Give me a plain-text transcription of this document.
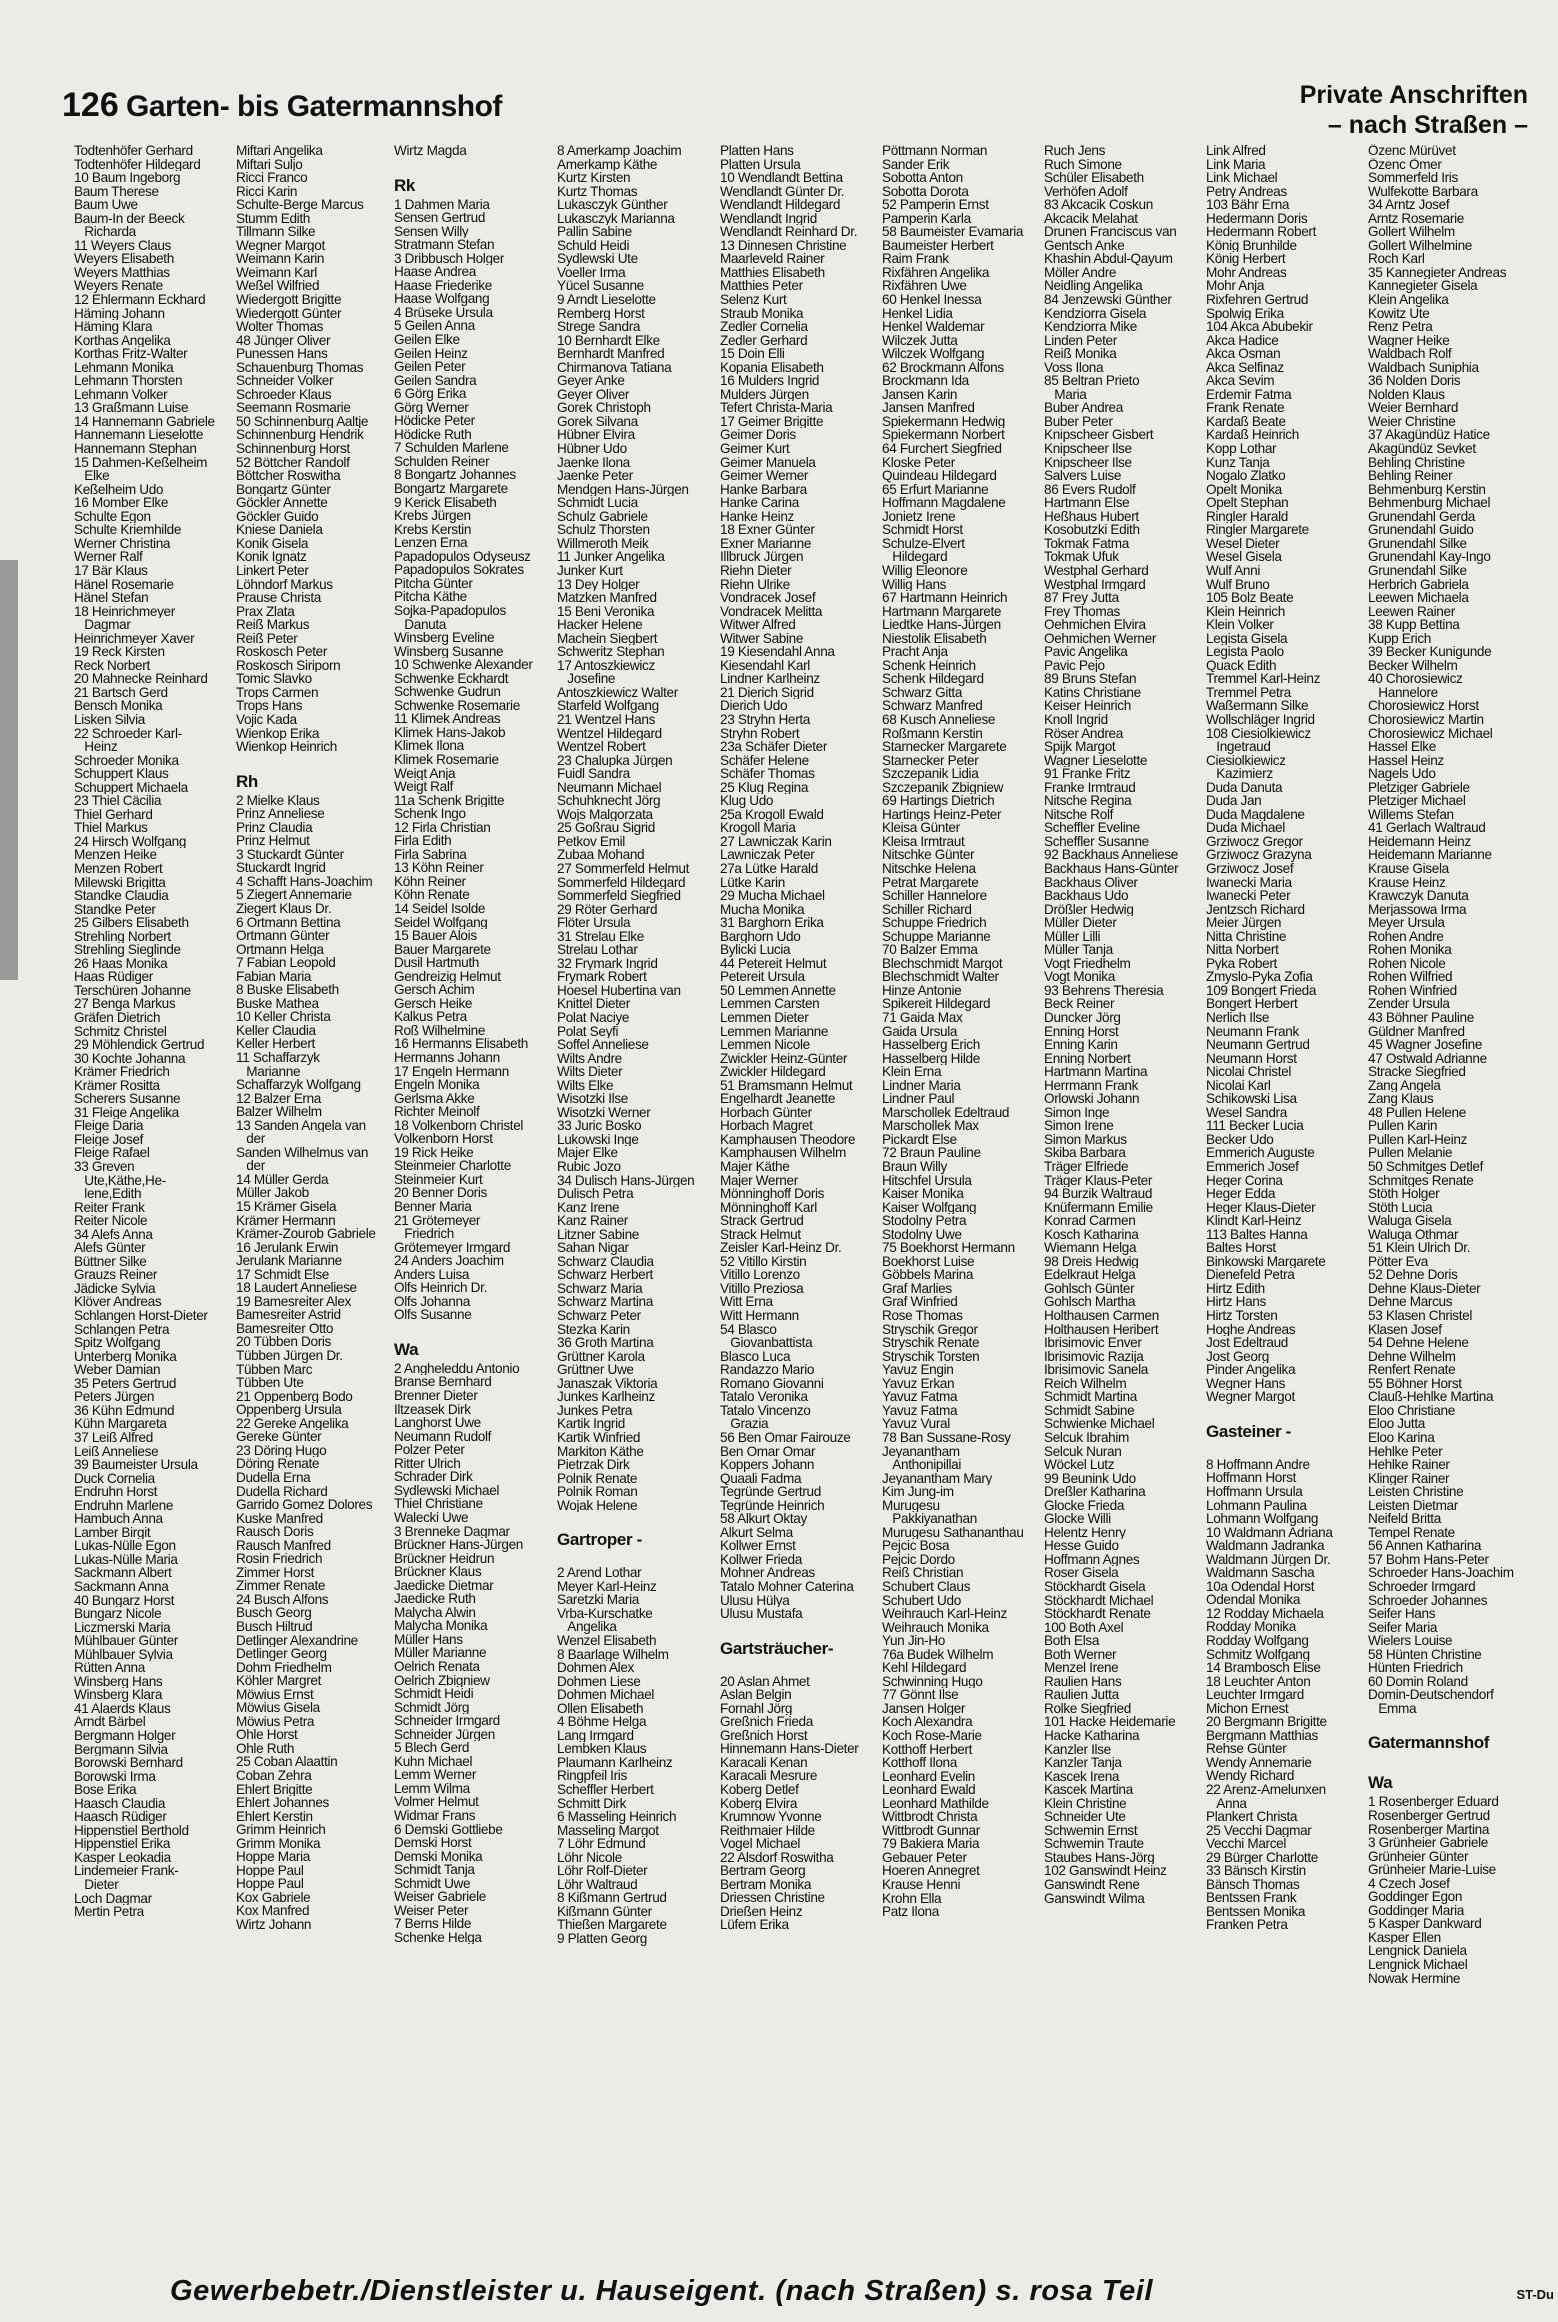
126 Garten- bis Gatermannshof	Private Anschriften
– nach Straßen –
Todtenhöfer Gerhard
Todtenhöfer Hildegard
10 Baum Ingeborg
Baum Therese
Baum Uwe
Baum-In der Beeck
Richarda
11 Weyers Claus
Weyers Elisabeth
Weyers Matthias
Weyers Renate
12 Ehlermann Eckhard
Häming Johann
Häming Klara
Korthas Angelika
Korthas Fritz-Walter
Lehmann Monika
Lehmann Thorsten
Lehmann Volker
13 Graßmann Luise
14 Hannemann Gabriele
Hannemann Lieselotte
Hannemann Stephan
15 Dahmen-Keßelheim
Elke
Keßelheim Udo
16 Momber Elke
Schulte Egon
Schulte Kriemhilde
Werner Christina
Werner Ralf
17 Bär Klaus
Hänel Rosemarie
Hänel Stefan
18 Heinrichmeyer
Dagmar
Heinrichmeyer Xaver
19 Reck Kirsten
Reck Norbert
20 Mahnecke Reinhard
21 Bartsch Gerd
Bensch Monika
Lisken Silvia
22 Schroeder Karl-
Heinz
Schroeder Monika
Schuppert Klaus
Schuppert Michaela
23 Thiel Cäcilia
Thiel Gerhard
Thiel Markus
24 Hirsch Wolfgang
Menzen Heike
Menzen Robert
Milewski Brigitta
Standke Claudia
Standke Peter
25 Gilbers Elisabeth
Strehling Norbert
Strehling Sieglinde
26 Haas Monika
Haas Rüdiger
Terschüren Johanne
27 Benga Markus
Gräfen Dietrich
Schmitz Christel
29 Möhlendick Gertrud
30 Kochte Johanna
Krämer Friedrich
Krämer Rositta
Scherers Susanne
31 Fleige Angelika
Fleige Daria
Fleige Josef
Fleige Rafael
33 Greven
Ute,Käthe,He-
lene,Edith
Reiter Frank
Reiter Nicole
34 Alefs Anna
Alefs Günter
Büttner Silke
Grauzs Reiner
Jädicke Sylvia
Klöver Andreas
Schlangen Horst-Dieter
Schlangen Petra
Spitz Wolfgang
Unterberg Monika
Weber Damian
35 Peters Gertrud
Peters Jürgen
36 Kühn Edmund
Kühn Margareta
37 Leiß Alfred
Leiß Anneliese
39 Baumeister Ursula
Duck Cornelia
Endruhn Horst
Endruhn Marlene
Hambuch Anna
Lamber Birgit
Lukas-Nülle Egon
Lukas-Nülle Maria
Sackmann Albert
Sackmann Anna
40 Bungarz Horst
Bungarz Nicole
Liczmerski Maria
Mühlbauer Günter
Mühlbauer Sylvia
Rütten Anna
Winsberg Hans
Winsberg Klara
41 Alaerds Klaus
Arndt Bärbel
Bergmann Holger
Bergmann Silvia
Borowski Bernhard
Borowski Irma
Bose Erika
Haasch Claudia
Haasch Rüdiger
Hippenstiel Berthold
Hippenstiel Erika
Kasper Leokadia
Lindemeier Frank-
Dieter
Loch Dagmar
Mertin Petra
Miftari Angelika
Miftari Suljo
Ricci Franco
Ricci Karin
Schulte-Berge Marcus
Stumm Edith
Tillmann Silke
Wegner Margot
Weimann Karin
Weimann Karl
Weßel Wilfried
Wiedergott Brigitte
Wiedergott Günter
Wolter Thomas
48 Jünger Oliver
Punessen Hans
Schauenburg Thomas
Schneider Volker
Schroeder Klaus
Seemann Rosmarie
50 Schinnenburg Aaltje
Schinnenburg Hendrik
Schinnenburg Horst
52 Böttcher Randolf
Böttcher Roswitha
Bongartz Günter
Göckler Annette
Göckler Guido
Kniese Daniela
Konik Gisela
Konik Ignatz
Linkert Peter
Löhndorf Markus
Prause Christa
Prax Zlata
Reiß Markus
Reiß Peter
Roskosch Peter
Roskosch Siriporn
Tomic Slavko
Trops Carmen
Trops Hans
Vojic Kada
Wienkop Erika
Wienkop Heinrich
Rh
2 Mielke Klaus
Prinz Anneliese
Prinz Claudia
Prinz Helmut
3 Stuckardt Günter
Stuckardt Ingrid
4 Schafft Hans-Joachim
5 Ziegert Annemarie
Ziegert Klaus Dr.
6 Ortmann Bettina
Ortmann Günter
Ortmann Helga
7 Fabian Leopold
Fabian Maria
8 Buske Elisabeth
Buske Mathea
10 Keller Christa
Keller Claudia
Keller Herbert
11 Schaffarzyk
Marianne
Schaffarzyk Wolfgang
12 Balzer Erna
Balzer Wilhelm
13 Sanden Angela van
der
Sanden Wilhelmus van
der
14 Müller Gerda
Müller Jakob
15 Krämer Gisela
Krämer Hermann
Krämer-Zourob Gabriele
16 Jerulank Erwin
Jerulank Marianne
17 Schmidt Else
18 Laudert Anneliese
19 Bamesreiter Alex
Bamesreiter Astrid
Bamesreiter Otto
20 Tübben Doris
Tübben Jürgen Dr.
Tübben Marc
Tübben Ute
21 Oppenberg Bodo
Oppenberg Ursula
22 Gereke Angelika
Gereke Günter
23 Döring Hugo
Döring Renate
Dudella Erna
Dudella Richard
Garrido Gomez Dolores
Kuske Manfred
Rausch Doris
Rausch Manfred
Rosin Friedrich
Zimmer Horst
Zimmer Renate
24 Busch Alfons
Busch Georg
Busch Hiltrud
Detlinger Alexandrine
Detlinger Georg
Dohm Friedhelm
Köhler Margret
Möwius Ernst
Möwius Gisela
Möwius Petra
Ohle Horst
Ohle Ruth
25 Coban Alaattin
Coban Zehra
Ehlert Brigitte
Ehlert Johannes
Ehlert Kerstin
Grimm Heinrich
Grimm Monika
Hoppe Maria
Hoppe Paul
Hoppe Paul
Kox Gabriele
Kox Manfred
Wirtz Johann
Wirtz Magda
Rk
1 Dahmen Maria
Sensen Gertrud
Sensen Willy
Stratmann Stefan
3 Dribbusch Holger
Haase Andrea
Haase Friederike
Haase Wolfgang
4 Brüseke Ursula
5 Geilen Anna
Geilen Elke
Geilen Heinz
Geilen Peter
Geilen Sandra
6 Görg Erika
Görg Werner
Hödicke Peter
Hödicke Ruth
7 Schulden Marlene
Schulden Reiner
8 Bongartz Johannes
Bongartz Margarete
9 Kerick Elisabeth
Krebs Jürgen
Krebs Kerstin
Lenzen Erna
Papadopulos Odyseusz
Papadopulos Sokrates
Pitcha Günter
Pitcha Käthe
Sojka-Papadopulos
Danuta
Winsberg Eveline
Winsberg Susanne
10 Schwenke Alexander
Schwenke Eckhardt
Schwenke Gudrun
Schwenke Rosemarie
11 Klimek Andreas
Klimek Hans-Jakob
Klimek Ilona
Klimek Rosemarie
Weigt Anja
Weigt Ralf
11a Schenk Brigitte
Schenk Ingo
12 Firla Christian
Firla Edith
Firla Sabrina
13 Köhn Reiner
Köhn Reiner
Köhn Renate
14 Seidel Isolde
Seidel Wolfgang
15 Bauer Alois
Bauer Margarete
Dusil Hartmuth
Gendreizig Helmut
Gersch Achim
Gersch Heike
Kalkus Petra
Roß Wilhelmine
16 Hermanns Elisabeth
Hermanns Johann
17 Engeln Hermann
Engeln Monika
Gerlsma Akke
Richter Meinolf
18 Volkenborn Christel
Volkenborn Horst
19 Rick Heike
Steinmeier Charlotte
Steinmeier Kurt
20 Benner Doris
Benner Maria
21 Grötemeyer
Friedrich
Grötemeyer Irmgard
24 Anders Joachim
Anders Luisa
Olfs Heinrich Dr.
Olfs Johanna
Olfs Susanne
Wa
2 Angheleddu Antonio
Branse Bernhard
Brenner Dieter
Iltzeasek Dirk
Langhorst Uwe
Neumann Rudolf
Polzer Peter
Ritter Ulrich
Schrader Dirk
Sydlewski Michael
Thiel Christiane
Walecki Uwe
3 Brenneke Dagmar
Brückner Hans-Jürgen
Brückner Heidrun
Brückner Klaus
Jaedicke Dietmar
Jaedicke Ruth
Malycha Alwin
Malycha Monika
Müller Hans
Müller Marianne
Oelrich Renata
Oelrich Zbigniew
Schmidt Heidi
Schmidt Jörg
Schneider Irmgard
Schneider Jürgen
5 Blech Gerd
Kuhn Michael
Lemm Werner
Lemm Wilma
Volmer Helmut
Widmar Frans
6 Demski Gottliebe
Demski Horst
Demski Monika
Schmidt Tanja
Schmidt Uwe
Weiser Gabriele
Weiser Peter
7 Berns Hilde
Schenke Helga
8 Amerkamp Joachim
Amerkamp Käthe
Kurtz Kirsten
Kurtz Thomas
Lukasczyk Günther
Lukasczyk Marianna
Pallin Sabine
Schuld Heidi
Sydlewski Ute
Voeller Irma
Yücel Susanne
9 Arndt Lieselotte
Remberg Horst
Strege Sandra
10 Bernhardt Elke
Bernhardt Manfred
Chirmanova Tatiana
Geyer Anke
Geyer Oliver
Gorek Christoph
Gorek Silvana
Hübner Elvira
Hübner Udo
Jaenke Ilona
Jaenke Peter
Mendgen Hans-Jürgen
Schmidt Lucia
Schulz Gabriele
Schulz Thorsten
Willmeroth Meik
11 Junker Angelika
Junker Kurt
13 Dey Holger
Matzken Manfred
15 Beni Veronika
Hacker Helene
Machein Siegbert
Schweritz Stephan
17 Antoszkiewicz
Josefine
Antoszkiewicz Walter
Starfeld Wolfgang
21 Wentzel Hans
Wentzel Hildegard
Wentzel Robert
23 Chalupka Jürgen
Fuidl Sandra
Neumann Michael
Schuhknecht Jörg
Wojs Malgorzata
25 Goßrau Sigrid
Petkov Emil
Zubaa Mohand
27 Sommerfeld Helmut
Sommerfeld Hildegard
Sommerfeld Siegfried
29 Röter Gerhard
Flöter Ursula
31 Strelau Elke
Strelau Lothar
32 Frymark Ingrid
Frymark Robert
Hoesel Hubertina van
Knittel Dieter
Polat Naciye
Polat Seyfi
Soffel Anneliese
Wilts Andre
Wilts Dieter
Wilts Elke
Wisotzki Ilse
Wisotzki Werner
33 Juric Bosko
Lukowski Inge
Majer Elke
Rubic Jozo
34 Dulisch Hans-Jürgen
Dulisch Petra
Kanz Irene
Kanz Rainer
Litzner Sabine
Sahan Nigar
Schwarz Claudia
Schwarz Herbert
Schwarz Maria
Schwarz Martina
Schwarz Peter
Stezka Karin
36 Groth Martina
Grüttner Karola
Grüttner Uwe
Janaszak Viktoria
Junkes Karlheinz
Junkes Petra
Kartik Ingrid
Kartik Winfried
Markiton Käthe
Pietrzak Dirk
Polnik Renate
Polnik Roman
Wojak Helene
Gartroper -
2 Arend Lothar
Meyer Karl-Heinz
Saretzki Maria
Vrba-Kurschatke
Angelika
Wenzel Elisabeth
8 Baarlage Wilhelm
Dohmen Alex
Dohmen Liese
Dohmen Michael
Ollen Elisabeth
4 Böhme Helga
Lang Irmgard
Lembken Klaus
Plaumann Karlheinz
Ringpfeil Iris
Scheffler Herbert
Schmitt Dirk
6 Masseling Heinrich
Masseling Margot
7 Löhr Edmund
Löhr Nicole
Löhr Rolf-Dieter
Löhr Waltraud
8 Kißmann Gertrud
Kißmann Günter
Thießen Margarete
9 Platten Georg
Platten Hans
Platten Ursula
10 Wendlandt Bettina
Wendlandt Günter Dr.
Wendlandt Hildegard
Wendlandt Ingrid
Wendlandt Reinhard Dr.
13 Dinnesen Christine
Maarleveld Rainer
Matthies Elisabeth
Matthies Peter
Selenz Kurt
Straub Monika
Zedler Cornelia
Zedler Gerhard
15 Doin Elli
Kopania Elisabeth
16 Mulders Ingrid
Mulders Jürgen
Tefert Christa-Maria
17 Geimer Brigitte
Geimer Doris
Geimer Kurt
Geimer Manuela
Geimer Werner
Hanke Barbara
Hanke Carina
Hanke Heinz
18 Exner Günter
Exner Marianne
Illbruck Jürgen
Riehn Dieter
Riehn Ulrike
Vondracek Josef
Vondracek Melitta
Witwer Alfred
Witwer Sabine
19 Kiesendahl Anna
Kiesendahl Karl
Lindner Karlheinz
21 Dierich Sigrid
Dierich Udo
23 Stryhn Herta
Stryhn Robert
23a Schäfer Dieter
Schäfer Helene
Schäfer Thomas
25 Klug Regina
Klug Udo
25a Krogoll Ewald
Krogoll Maria
27 Lawniczak Karin
Lawniczak Peter
27a Lütke Harald
Lütke Karin
29 Mucha Michael
Mucha Monika
31 Barghorn Erika
Barghorn Udo
Bylicki Lucia
44 Petereit Helmut
Petereit Ursula
50 Lemmen Annette
Lemmen Carsten
Lemmen Dieter
Lemmen Marianne
Lemmen Nicole
Zwickler Heinz-Günter
Zwickler Hildegard
51 Bramsmann Helmut
Engelhardt Jeanette
Horbach Günter
Horbach Magret
Kamphausen Theodore
Kamphausen Wilhelm
Majer Käthe
Majer Werner
Mönninghoff Doris
Mönninghoff Karl
Strack Gertrud
Strack Helmut
Zeisler Karl-Heinz Dr.
52 Vitillo Kirstin
Vitillo Lorenzo
Vitillo Preziosa
Witt Erna
Witt Hermann
54 Blasco
Giovanbattista
Blasco Luca
Randazzo Mario
Romano Giovanni
Tatalo Veronika
Tatalo Vincenzo
Grazia
56 Ben Omar Fairouze
Ben Omar Omar
Koppers Johann
Quaali Fadma
Tegründe Gertrud
Tegründe Heinrich
58 Alkurt Oktay
Alkurt Selma
Kollwer Ernst
Kollwer Frieda
Mohner Andreas
Tatalo Mohner Caterina
Ulusu Hülya
Ulusu Mustafa
Gartsträucher-
20 Aslan Ahmet
Aslan Belgin
Fornahl Jörg
Greßnich Frieda
Greßnich Horst
Hinnemann Hans-Dieter
Karacali Kenan
Karacali Mesrure
Koberg Detlef
Koberg Elvira
Krumnow Yvonne
Reithmaier Hilde
Vogel Michael
22 Alsdorf Roswitha
Bertram Georg
Bertram Monika
Driessen Christine
Drießen Heinz
Lüfem Erika
Pöttmann Norman
Sander Erik
Sobotta Anton
Sobotta Dorota
52 Pamperin Ernst
Pamperin Karla
58 Baumeister Evamaria
Baumeister Herbert
Raim Frank
Rixfähren Angelika
Rixfähren Uwe
60 Henkel Inessa
Henkel Lidia
Henkel Waldemar
Wilczek Jutta
Wilczek Wolfgang
62 Brockmann Alfons
Brockmann Ida
Jansen Karin
Jansen Manfred
Spiekermann Hedwig
Spiekermann Norbert
64 Furchert Siegfried
Kloske Peter
Quindeau Hildegard
65 Erfurt Marianne
Hoffmann Magdalene
Jonietz Irene
Schmidt Horst
Schulze-Elvert
Hildegard
Willig Eleonore
Willig Hans
67 Hartmann Heinrich
Hartmann Margarete
Liedtke Hans-Jürgen
Niestolik Elisabeth
Pracht Anja
Schenk Heinrich
Schenk Hildegard
Schwarz Gitta
Schwarz Manfred
68 Kusch Anneliese
Roßmann Kerstin
Starnecker Margarete
Starnecker Peter
Szczepanik Lidia
Szczepanik Zbigniew
69 Hartings Dietrich
Hartings Heinz-Peter
Kleisa Günter
Kleisa Irmtraut
Nitschke Günter
Nitschke Helena
Petrat Margarete
Schiller Hannelore
Schiller Richard
Schuppe Friedrich
Schuppe Marianne
70 Balzer Emma
Blechschmidt Margot
Blechschmidt Walter
Hinze Antonie
Spikereit Hildegard
71 Gaida Max
Gaida Ursula
Hasselberg Erich
Hasselberg Hilde
Klein Erna
Lindner Maria
Lindner Paul
Marschollek Edeltraud
Marschollek Max
Pickardt Else
72 Braun Pauline
Braun Willy
Hitschfel Ursula
Kaiser Monika
Kaiser Wolfgang
Stodolny Petra
Stodolny Uwe
75 Boekhorst Hermann
Boekhorst Luise
Göbbels Marina
Graf Marlies
Graf Winfried
Rose Thomas
Stryschik Gregor
Stryschik Renate
Stryschik Torsten
Yavuz Engin
Yavuz Erkan
Yavuz Fatma
Yavuz Fatma
Yavuz Vural
78 Ban Sussane-Rosy
Jeyanantham
Anthonipillai
Jeyanantham Mary
Kim Jung-im
Murugesu
Pakkiyanathan
Murugesu Sathananthau
Pejcic Bosa
Pejcic Dordo
Reiß Christian
Schubert Claus
Schubert Udo
Weihrauch Karl-Heinz
Weihrauch Monika
Yun Jin-Ho
76a Budek Wilhelm
Kehl Hildegard
Schwinning Hugo
77 Gönnt Ilse
Jansen Holger
Koch Alexandra
Koch Rose-Marie
Kotthoff Herbert
Kotthoff Ilona
Leonhard Evelin
Leonhard Ewald
Leonhard Mathilde
Wittbrodt Christa
Wittbrodt Gunnar
79 Bakiera Maria
Gebauer Peter
Hoeren Annegret
Krause Henni
Krohn Ella
Patz Ilona
Ruch Jens
Ruch Simone
Schüler Elisabeth
Verhöfen Adolf
83 Akcacik Coskun
Akcacik Melahat
Drunen Franciscus van
Gentsch Anke
Khashin Abdul-Qayum
Möller Andre
Neidling Angelika
84 Jenzewski Günther
Kendziorra Gisela
Kendziorra Mike
Linden Peter
Reiß Monika
Voss Ilona
85 Beltran Prieto
Maria
Buber Andrea
Buber Peter
Knipscheer Gisbert
Knipscheer Ilse
Knipscheer Ilse
Salvers Luise
86 Evers Rudolf
Hartmann Else
Heßhaus Hubert
Kosobutzki Edith
Tokmak Fatma
Tokmak Ufuk
Westphal Gerhard
Westphal Irmgard
87 Frey Jutta
Frey Thomas
Oehmichen Elvira
Oehmichen Werner
Pavic Angelika
Pavic Pejo
89 Bruns Stefan
Katins Christiane
Keiser Heinrich
Knoll Ingrid
Röser Andrea
Spijk Margot
Wagner Lieselotte
91 Franke Fritz
Franke Irmtraud
Nitsche Regina
Nitsche Rolf
Scheffler Eveline
Scheffler Susanne
92 Backhaus Anneliese
Backhaus Hans-Günter
Backhaus Oliver
Backhaus Udo
Drößler Hedwig
Müller Dieter
Müller Lilli
Müller Tanja
Vogt Friedhelm
Vogt Monika
93 Behrens Theresia
Beck Reiner
Duncker Jörg
Enning Horst
Enning Karin
Enning Norbert
Hartmann Martina
Herrmann Frank
Orlowski Johann
Simon Inge
Simon Irene
Simon Markus
Skiba Barbara
Träger Elfriede
Träger Klaus-Peter
94 Burzik Waltraud
Knüfermann Emilie
Konrad Carmen
Kosch Katharina
Wiemann Helga
98 Dreis Hedwig
Edelkraut Helga
Gohlsch Günter
Gohlsch Martha
Holthausen Carmen
Holthausen Heribert
Ibrisimovic Enver
Ibrisimovic Razija
Ibrisimovic Sanela
Reich Wilhelm
Schmidt Martina
Schmidt Sabine
Schwienke Michael
Selcuk Ibrahim
Selcuk Nuran
Wöckel Lutz
99 Beunink Udo
Dreßler Katharina
Glocke Frieda
Glocke Willi
Helentz Henry
Hesse Guido
Hoffmann Agnes
Roser Gisela
Stöckhardt Gisela
Stöckhardt Michael
Stöckhardt Renate
100 Both Axel
Both Elsa
Both Werner
Menzel Irene
Raulien Hans
Raulien Jutta
Rolke Siegfried
101 Hacke Heidemarie
Hacke Katharina
Kanzler Ilse
Kanzler Tanja
Kascek Irena
Kascek Martina
Klein Christine
Schneider Ute
Schwemin Ernst
Schwemin Traute
Staubes Hans-Jörg
102 Ganswindt Heinz
Ganswindt Rene
Ganswindt Wilma
Link Alfred
Link Maria
Link Michael
Petry Andreas
103 Bähr Erna
Hedermann Doris
Hedermann Robert
König Brunhilde
König Herbert
Mohr Andreas
Mohr Anja
Rixfehren Gertrud
Spolwig Erika
104 Akca Abubekir
Akca Hadice
Akca Osman
Akca Selfinaz
Akca Sevim
Erdemir Fatma
Frank Renate
Kardaß Beate
Kardaß Heinrich
Kopp Lothar
Kunz Tanja
Nogalo Zlatko
Opelt Monika
Opelt Stephan
Ringler Harald
Ringler Margarete
Wesel Dieter
Wesel Gisela
Wulf Anni
Wulf Bruno
105 Bolz Beate
Klein Heinrich
Klein Volker
Legista Gisela
Legista Paolo
Quack Edith
Tremmel Karl-Heinz
Tremmel Petra
Waßermann Silke
Wollschläger Ingrid
108 Ciesiolkiewicz
Ingetraud
Ciesiolkiewicz
Kazimierz
Duda Danuta
Duda Jan
Duda Magdalene
Duda Michael
Grziwocz Gregor
Grziwocz Grazyna
Grziwocz Josef
Iwanecki Maria
Iwanecki Peter
Jentzsch Richard
Meier Jürgen
Nitta Christine
Nitta Norbert
Pyka Robert
Zmyslo-Pyka Zofia
109 Bongert Frieda
Bongert Herbert
Nerlich Ilse
Neumann Frank
Neumann Gertrud
Neumann Horst
Nicolai Christel
Nicolai Karl
Schikowski Lisa
Wesel Sandra
111 Becker Lucia
Becker Udo
Emmerich Auguste
Emmerich Josef
Heger Corina
Heger Edda
Heger Klaus-Dieter
Klindt Karl-Heinz
113 Baltes Hanna
Baltes Horst
Binkowski Margarete
Dienefeld Petra
Hirtz Edith
Hirtz Hans
Hirtz Torsten
Hoghe Andreas
Jost Edeltraud
Jost Georg
Pinder Angelika
Wegner Hans
Wegner Margot
Gasteiner -
8 Hoffmann Andre
Hoffmann Horst
Hoffmann Ursula
Lohmann Paulina
Lohmann Wolfgang
10 Waldmann Adriana
Waldmann Jadranka
Waldmann Jürgen Dr.
Waldmann Sascha
10a Odendal Horst
Odendal Monika
12 Rodday Michaela
Rodday Monika
Rodday Wolfgang
Schmitz Wolfgang
14 Brambosch Elise
18 Leuchter Anton
Leuchter Irmgard
Michon Ernest
20 Bergmann Brigitte
Bergmann Matthias
Rehse Günter
Wendy Annemarie
Wendy Richard
22 Arenz-Amelunxen
Anna
Plankert Christa
25 Vecchi Dagmar
Vecchi Marcel
29 Bürger Charlotte
33 Bänsch Kirstin
Bänsch Thomas
Bentssen Frank
Bentssen Monika
Franken Petra
Özenc Mürüvet
Özenc Ömer
Sommerfeld Iris
Wulfekotte Barbara
34 Arntz Josef
Arntz Rosemarie
Gollert Wilhelm
Gollert Wilhelmine
Roch Karl
35 Kannegieter Andreas
Kannegieter Gisela
Klein Angelika
Kowitz Ute
Renz Petra
Wagner Heike
Waldbach Rolf
Waldbach Suniphia
36 Nolden Doris
Nolden Klaus
Weier Bernhard
Weier Christine
37 Akagündüz Hatice
Akagündüz Sevket
Behling Christine
Behling Reiner
Behmenburg Kerstin
Behmenburg Michael
Grunendahl Gerda
Grunendahl Guido
Grunendahl Silke
Grunendahl Kay-Ingo
Grunendahl Silke
Herbrich Gabriela
Leewen Michaela
Leewen Rainer
38 Kupp Bettina
Kupp Erich
39 Becker Kunigunde
Becker Wilhelm
40 Chorosiewicz
Hannelore
Chorosiewicz Horst
Chorosiewicz Martin
Chorosiewicz Michael
Hassel Elke
Hassel Heinz
Nagels Udo
Pletziger Gabriele
Pletziger Michael
Willems Stefan
41 Gerlach Waltraud
Heidemann Heinz
Heidemann Marianne
Krause Gisela
Krause Heinz
Krawczyk Danuta
Merjassowa Irma
Meyer Ursula
Rohen Andre
Rohen Monika
Rohen Nicole
Rohen Wilfried
Rohen Winfried
Zender Ursula
43 Böhner Pauline
Güldner Manfred
45 Wagner Josefine
47 Ostwald Adrianne
Stracke Siegfried
Zang Angela
Zang Klaus
48 Pullen Helene
Pullen Karin
Pullen Karl-Heinz
Pullen Melanie
50 Schmitges Detlef
Schmitges Renate
Stöth Holger
Stöth Lucia
Waluga Gisela
Waluga Othmar
51 Klein Ulrich Dr.
Pötter Eva
52 Dehne Doris
Dehne Klaus-Dieter
Dehne Marcus
53 Klasen Christel
Klasen Josef
54 Dehne Helene
Dehne Wilhelm
Renfert Renate
55 Böhner Horst
Clauß-Hehlke Martina
Eloo Christiane
Eloo Jutta
Eloo Karina
Hehlke Peter
Hehlke Rainer
Klinger Rainer
Leisten Christine
Leisten Dietmar
Neifeld Britta
Tempel Renate
56 Annen Katharina
57 Bohm Hans-Peter
Schroeder Hans-Joachim
Schroeder Irmgard
Schroeder Johannes
Seifer Hans
Seifer Maria
Wielers Louise
58 Hünten Christine
Hünten Friedrich
60 Domin Roland
Domin-Deutschendorf
Emma
Gatermannshof
Wa
1 Rosenberger Eduard
Rosenberger Gertrud
Rosenberger Martina
3 Grünheier Gabriele
Grünheier Günter
Grünheier Marie-Luise
4 Czech Josef
Goddinger Egon
Goddinger Maria
5 Kasper Dankward
Kasper Ellen
Lengnick Daniela
Lengnick Michael
Nowak Hermine
Gewerbebetr./Dienstleister u. Hauseigent. (nach Straßen) s. rosa Teil	ST-Du
